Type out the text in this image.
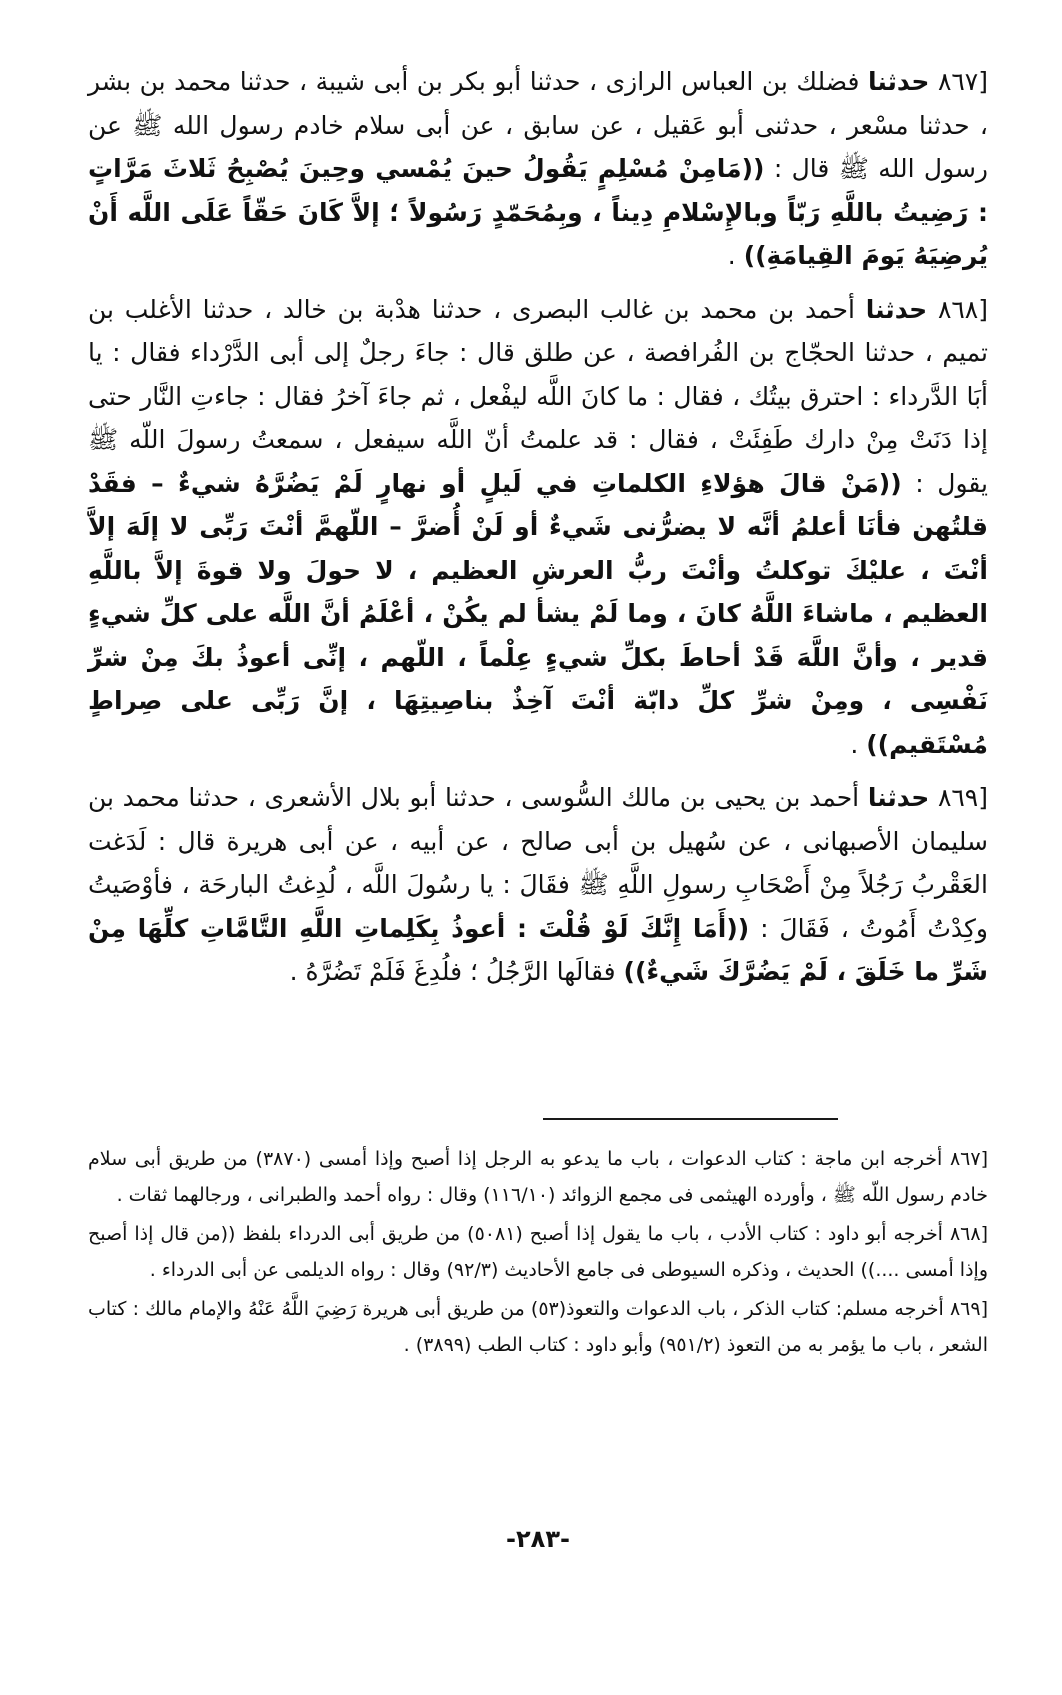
[٨٦٧ حدثنا فضلك بن العباس الرازى ، حدثنا أبو بكر بن أبى شيبة ، حدثنا محمد بن بشر ، حدثنا مسْعر ، حدثنى أبو عَقيل ، عن سابق ، عن أبى سلام خادم رسول الله ﷺ عن رسول الله ﷺ قال : ((مَامِنْ مُسْلِمٍ يَقُولُ حينَ يُمْسي وحِينَ يُصْبِحُ ثَلاثَ مَرَّاتٍ : رَضِيتُ باللَّهِ رَبّاً وبالإِسْلامِ دِيناً ، وبِمُحَمّدٍ رَسُولاً ؛ إلاَّ كَانَ حَقّاً عَلَى اللَّه أَنْ يُرضِيَهُ يَومَ القِيامَةِ)) .

[٨٦٨ حدثنا أحمد بن محمد بن غالب البصرى ، حدثنا هدْبة بن خالد ، حدثنا الأغلب بن تميم ، حدثنا الحجّاج بن الفُرافصة ، عن طلق قال : جاءَ رجلٌ إلى أبى الدَّرْداء فقال : يا أبَا الدَّرداء : احترق بيتُك ، فقال : ما كانَ اللَّه ليفْعل ، ثم جاءَ آخرُ فقال : جاءتِ النَّار حتى إذا دَنَتْ مِنْ دارك طَفِئَتْ ، فقال : قد علمتُ أنّ اللَّه سيفعل ، سمعتُ رسولَ اللّه ﷺ يقول : ((مَنْ قالَ هؤلاءِ الكلماتِ في لَيلٍ أو نهارٍ لَمْ يَضُرَّهُ شيءٌ – فقَدْ قلتُهن فأنَا أعلمُ أنَّه لا يضرُّنى شَيءٌ أو لَنْ أُضرَّ – اللّهمَّ أنْتَ رَبِّى لا إلَهَ إلاَّ أنْتَ ، عليْكَ توكلتُ وأنْتَ ربُّ العرشِ العظيم ، لا حولَ ولا قوةَ إلاَّ باللَّهِ العظيم ، ماشاءَ اللَّهُ كانَ ، وما لَمْ يشأ لم يكُنْ ، أعْلَمُ أنَّ اللَّه على كلِّ شيءٍ قدير ، وأنَّ اللَّهَ قَدْ أحاطَ بكلِّ شيءٍ عِلْماً ، اللّهم ، إنِّى أعوذُ بكَ مِنْ شرِّ نَفْسِى ، ومِنْ شرِّ كلِّ دابّة أنْتَ آخِذٌ بناصِيتِهَا ، إنَّ رَبِّى على صِراطٍ مُسْتَقيم)) .

[٨٦٩ حدثنا أحمد بن يحيى بن مالك السُّوسى ، حدثنا أبو بلال الأشعرى ، حدثنا محمد بن سليمان الأصبهانى ، عن سُهيل بن أبى صالح ، عن أبيه ، عن أبى هريرة قال : لَدَغت العَقْربُ رَجُلاً مِنْ أَصْحَابِ رسولِ اللَّهِ ﷺ فقَالَ : يا رسُولَ اللَّه ، لُدِغتُ البارحَة ، فأوْصَيتُ وكِدْتُ أَمُوتُ ، فَقَالَ : ((أَمَا إِنَّكَ لَوْ قُلْتَ : أعوذُ بِكَلِماتِ اللَّهِ التَّامَّاتِ كلِّهَا مِنْ شَرِّ ما خَلَقَ ، لَمْ يَضُرَّكَ شَيءٌ)) فقالَها الرَّجُلُ ؛ فلُدِغَ فَلَمْ تَضُرَّهُ .

[٨٦٧ أخرجه ابن ماجة : كتاب الدعوات ، باب ما يدعو به الرجل إذا أصبح وإذا أمسى (٣٨٧٠) من طريق أبى سلام خادم رسول اللّه ﷺ ، وأورده الهيثمى فى مجمع الزوائد (١١٦/١٠) وقال : رواه أحمد والطبرانى ، ورجالهما ثقات .

[٨٦٨ أخرجه أبو داود : كتاب الأدب ، باب ما يقول إذا أصبح (٥٠٨١) من طريق أبى الدرداء بلفظ ((من قال إذا أصبح وإذا أمسى ....)) الحديث ، وذكره السيوطى فى جامع الأحاديث (٩٢/٣) وقال : رواه الديلمى عن أبى الدرداء .

[٨٦٩ أخرجه مسلم: كتاب الذكر ، باب الدعوات والتعوذ(٥٣) من طريق أبى هريرة رَضِيَ اللَّهُ عَنْهُ والإمام مالك : كتاب الشعر ، باب ما يؤمر به من التعوذ (٩٥١/٢) وأبو داود : كتاب الطب (٣٨٩٩) .

-٢٨٣-
